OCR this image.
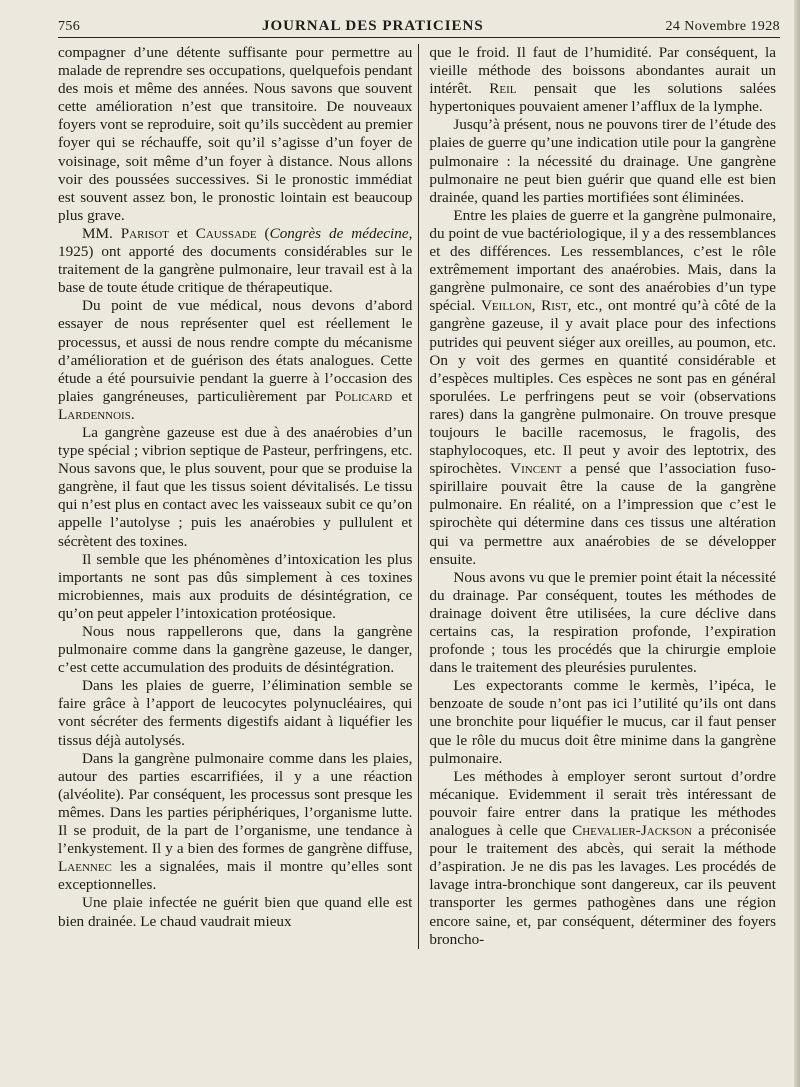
756	JOURNAL DES PRATICIENS	24 Novembre 1928

compagner d’une détente suffisante pour permettre au malade de reprendre ses occupations, quelquefois pendant des mois et même des années. Nous savons que souvent cette amélioration n’est que transitoire. De nouveaux foyers vont se reproduire, soit qu’ils succèdent au premier foyer qui se réchauffe, soit qu’il s’agisse d’un foyer de voisinage, soit même d’un foyer à distance. Nous allons voir des poussées successives. Si le pronostic immédiat est souvent assez bon, le pronostic lointain est beaucoup plus grave.

MM. Parisot et Caussade (Congrès de médecine, 1925) ont apporté des documents considérables sur le traitement de la gangrène pulmonaire, leur travail est à la base de toute étude critique de thérapeutique.

Du point de vue médical, nous devons d’abord essayer de nous représenter quel est réellement le processus, et aussi de nous rendre compte du mécanisme d’amélioration et de guérison des états analogues. Cette étude a été poursuivie pendant la guerre à l’occasion des plaies gangréneuses, particulièrement par Policard et Lardennois.

La gangrène gazeuse est due à des anaérobies d’un type spécial ; vibrion septique de Pasteur, perfringens, etc. Nous savons que, le plus souvent, pour que se produise la gangrène, il faut que les tissus soient dévitalisés. Le tissu qui n’est plus en contact avec les vaisseaux subit ce qu’on appelle l’autolyse ; puis les anaérobies y pullulent et sécrètent des toxines.

Il semble que les phénomènes d’intoxication les plus importants ne sont pas dûs simplement à ces toxines microbiennes, mais aux produits de désintégration, ce qu’on peut appeler l’intoxication protéosique.

Nous nous rappellerons que, dans la gangrène pulmonaire comme dans la gangrène gazeuse, le danger, c’est cette accumulation des produits de désintégration.

Dans les plaies de guerre, l’élimination semble se faire grâce à l’apport de leucocytes polynucléaires, qui vont sécréter des ferments digestifs aidant à liquéfier les tissus déjà autolysés.

Dans la gangrène pulmonaire comme dans les plaies, autour des parties escarrifiées, il y a une réaction (alvéolite). Par conséquent, les processus sont presque les mêmes. Dans les parties périphériques, l’organisme lutte. Il se produit, de la part de l’organisme, une tendance à l’enkystement. Il y a bien des formes de gangrène diffuse, Laennec les a signalées, mais il montre qu’elles sont exceptionnelles.

Une plaie infectée ne guérit bien que quand elle est bien drainée. Le chaud vaudrait mieux

que le froid. Il faut de l’humidité. Par conséquent, la vieille méthode des boissons abondantes aurait un intérêt. Reil pensait que les solutions salées hypertoniques pouvaient amener l’afflux de la lymphe.

Jusqu’à présent, nous ne pouvons tirer de l’étude des plaies de guerre qu’une indication utile pour la gangrène pulmonaire : la nécessité du drainage. Une gangrène pulmonaire ne peut bien guérir que quand elle est bien drainée, quand les parties mortifiées sont éliminées.

Entre les plaies de guerre et la gangrène pulmonaire, du point de vue bactériologique, il y a des ressemblances et des différences. Les ressemblances, c’est le rôle extrêmement important des anaérobies. Mais, dans la gangrène pulmonaire, ce sont des anaérobies d’un type spécial. Veillon, Rist, etc., ont montré qu’à côté de la gangrène gazeuse, il y avait place pour des infections putrides qui peuvent siéger aux oreilles, au poumon, etc. On y voit des germes en quantité considérable et d’espèces multiples. Ces espèces ne sont pas en général sporulées. Le perfringens peut se voir (observations rares) dans la gangrène pulmonaire. On trouve presque toujours le bacille racemosus, le fragolis, des staphylocoques, etc. Il peut y avoir des leptotrix, des spirochètes. Vincent a pensé que l’association fuso-spirillaire pouvait être la cause de la gangrène pulmonaire. En réalité, on a l’impression que c’est le spirochète qui détermine dans ces tissus une altération qui va permettre aux anaérobies de se développer ensuite.

Nous avons vu que le premier point était la nécessité du drainage. Par conséquent, toutes les méthodes de drainage doivent être utilisées, la cure déclive dans certains cas, la respiration profonde, l’expiration profonde ; tous les procédés que la chirurgie emploie dans le traitement des pleurésies purulentes.

Les expectorants comme le kermès, l’ipéca, le benzoate de soude n’ont pas ici l’utilité qu’ils ont dans une bronchite pour liquéfier le mucus, car il faut penser que le rôle du mucus doit être minime dans la gangrène pulmonaire.

Les méthodes à employer seront surtout d’ordre mécanique. Evidemment il serait très intéressant de pouvoir faire entrer dans la pratique les méthodes analogues à celle que Chevalier-Jackson a préconisée pour le traitement des abcès, qui serait la méthode d’aspiration. Je ne dis pas les lavages. Les procédés de lavage intra-bronchique sont dangereux, car ils peuvent transporter les germes pathogènes dans une région encore saine, et, par conséquent, déterminer des foyers broncho-
